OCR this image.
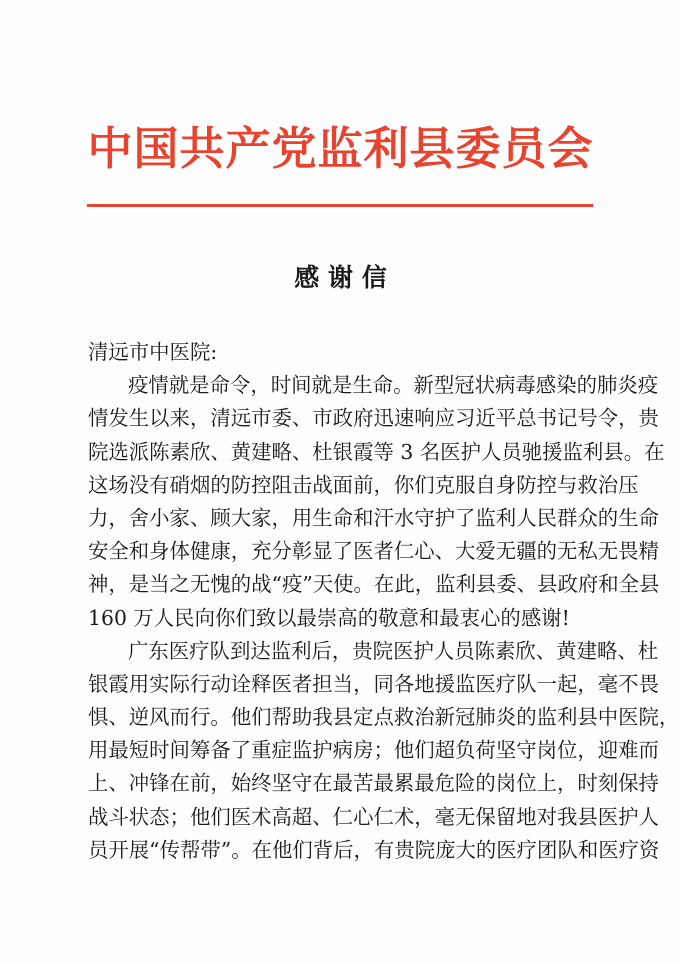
中国共产党监利县委员会
感 谢 信

清远市中医院:

疫情就是命令，时间就是生命。新型冠状病毒感染的肺炎疫
情发生以来，清远市委、市政府迅速响应习近平总书记号令，贵
院选派陈素欣、黄建略、杜银霞等 3 名医护人员驰援监利县。在
这场没有硝烟的防控阻击战面前，你们克服自身防控与救治压
力，舍小家、顾大家，用生命和汗水守护了监利人民群众的生命
安全和身体健康，充分彰显了医者仁心、大爱无疆的无私无畏精
神，是当之无愧的战“疫”天使。在此，监利县委、县政府和全县
160 万人民向你们致以最崇高的敬意和最衷心的感谢!
广东医疗队到达监利后，贵院医护人员陈素欣、黄建略、杜
银霞用实际行动诠释医者担当，同各地援监医疗队一起，毫不畏
惧、逆风而行。他们帮助我县定点救治新冠肺炎的监利县中医院，
用最短时间筹备了重症监护病房；他们超负荷坚守岗位，迎难而
上、冲锋在前，始终坚守在最苦最累最危险的岗位上，时刻保持
战斗状态；他们医术高超、仁心仁术，毫无保留地对我县医护人
员开展“传帮带”。在他们背后，有贵院庞大的医疗团队和医疗资
